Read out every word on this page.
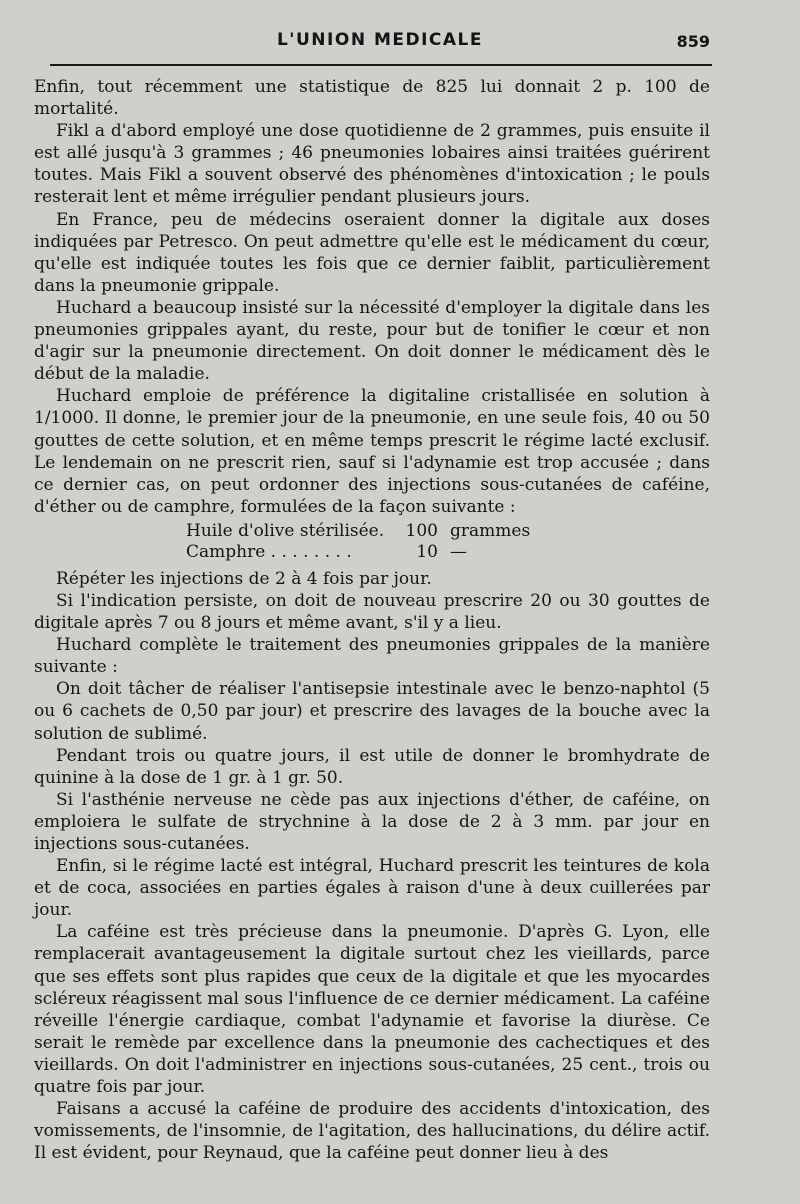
L'UNION MEDICALE	859

Enfin, tout récemment une statistique de 825 lui donnait 2 p. 100 de mortalité.

Fikl a d'abord employé une dose quotidienne de 2 grammes, puis ensuite il est allé jusqu'à 3 grammes ; 46 pneumonies lobaires ainsi traitées guérirent toutes. Mais Fikl a souvent observé des phénomènes d'intoxication ; le pouls resterait lent et même irrégulier pendant plusieurs jours.

En France, peu de médecins oseraient donner la digitale aux doses indiquées par Petresco. On peut admettre qu'elle est le médicament du cœur, qu'elle est indiquée toutes les fois que ce dernier faiblit, particulièrement dans la pneumonie grippale.

Huchard a beaucoup insisté sur la nécessité d'employer la digitale dans les pneumonies grippales ayant, du reste, pour but de tonifier le cœur et non d'agir sur la pneumonie directement. On doit donner le médicament dès le début de la maladie.

Huchard emploie de préférence la digitaline cristallisée en solution à 1/1000. Il donne, le premier jour de la pneumonie, en une seule fois, 40 ou 50 gouttes de cette solution, et en même temps prescrit le régime lacté exclusif. Le lendemain on ne prescrit rien, sauf si l'adynamie est trop accusée ; dans ce dernier cas, on peut ordonner des injections sous-cutanées de caféine, d'éther ou de camphre, formulées de la façon suivante :

Huile d'olive stérilisée.	100 grammes
Camphre . . . . . . . .	10 —

Répéter les injections de 2 à 4 fois par jour.

Si l'indication persiste, on doit de nouveau prescrire 20 ou 30 gouttes de digitale après 7 ou 8 jours et même avant, s'il y a lieu.

Huchard complète le traitement des pneumonies grippales de la manière suivante :

On doit tâcher de réaliser l'antisepsie intestinale avec le benzo-naphtol (5 ou 6 cachets de 0,50 par jour) et prescrire des lavages de la bouche avec la solution de sublimé.

Pendant trois ou quatre jours, il est utile de donner le bromhydrate de quinine à la dose de 1 gr. à 1 gr. 50.

Si l'asthénie nerveuse ne cède pas aux injections d'éther, de caféine, on emploiera le sulfate de strychnine à la dose de 2 à 3 mm. par jour en injections sous-cutanées.

Enfin, si le régime lacté est intégral, Huchard prescrit les teintures de kola et de coca, associées en parties égales à raison d'une à deux cuillerées par jour.

La caféine est très précieuse dans la pneumonie. D'après G. Lyon, elle remplacerait avantageusement la digitale surtout chez les vieillards, parce que ses effets sont plus rapides que ceux de la digitale et que les myocardes scléreux réagissent mal sous l'influence de ce dernier médicament. La caféine réveille l'énergie cardiaque, combat l'adynamie et favorise la diurèse. Ce serait le remède par excellence dans la pneumonie des cachectiques et des vieillards. On doit l'administrer en injections sous-cutanées, 25 cent., trois ou quatre fois par jour.

Faisans a accusé la caféine de produire des accidents d'intoxication, des vomissements, de l'insomnie, de l'agitation, des hallucinations, du délire actif. Il est évident, pour Reynaud, que la caféine peut donner lieu à des
